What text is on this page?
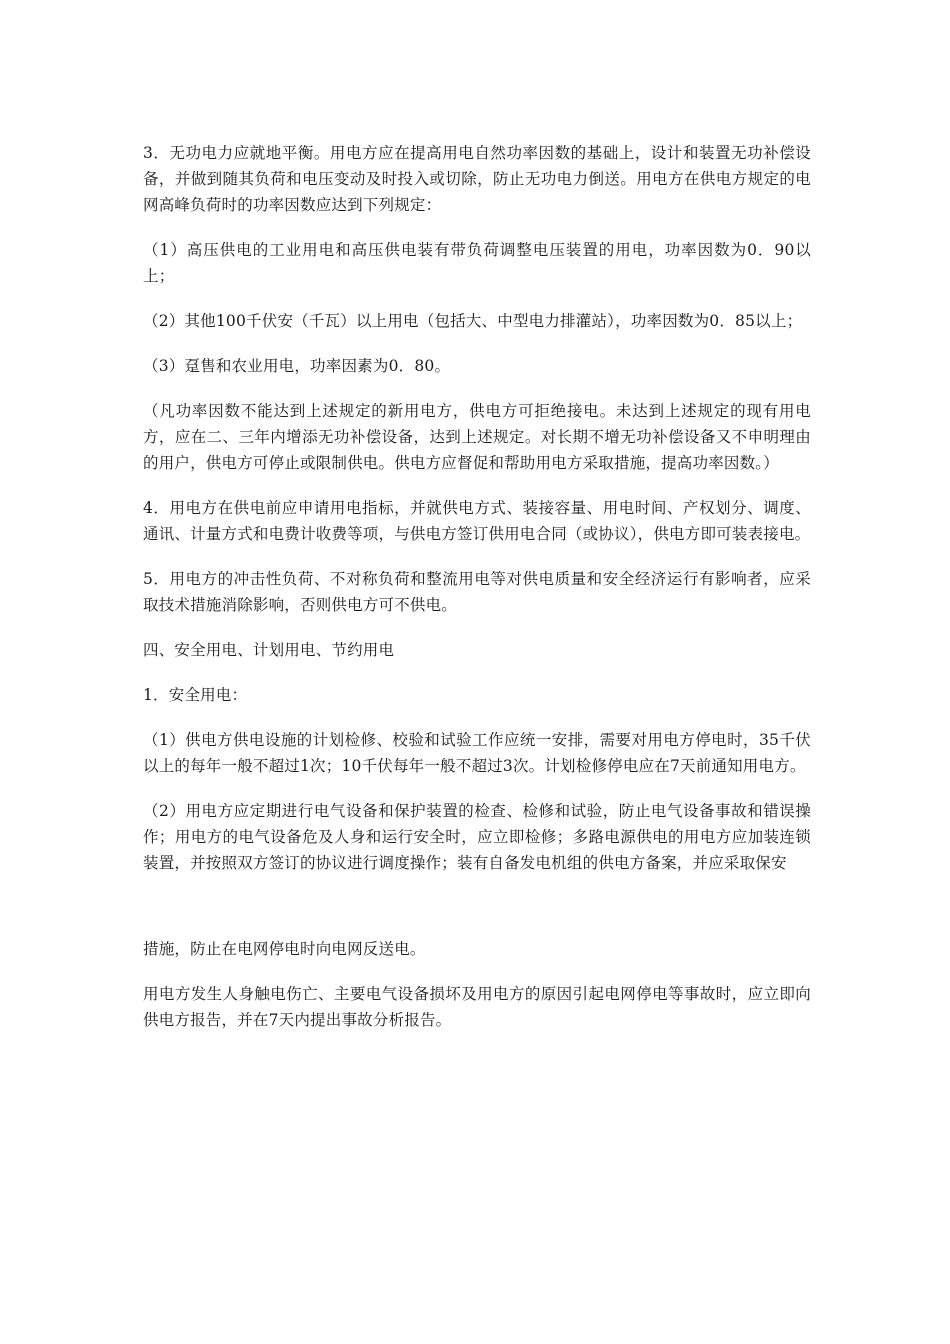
3．无功电力应就地平衡。用电方应在提高用电自然功率因数的基础上，设计和装置无功补偿设备，并做到随其负荷和电压变动及时投入或切除，防止无功电力倒送。用电方在供电方规定的电网高峰负荷时的功率因数应达到下列规定：

（1）高压供电的工业用电和高压供电装有带负荷调整电压装置的用电，功率因数为0．90以上；

（2）其他100千伏安（千瓦）以上用电（包括大、中型电力排灌站），功率因数为0．85以上；

（3）趸售和农业用电，功率因素为0．80。

（凡功率因数不能达到上述规定的新用电方，供电方可拒绝接电。未达到上述规定的现有用电方，应在二、三年内增添无功补偿设备，达到上述规定。对长期不增无功补偿设备又不申明理由的用户，供电方可停止或限制供电。供电方应督促和帮助用电方采取措施，提高功率因数。）

4．用电方在供电前应申请用电指标，并就供电方式、装接容量、用电时间、产权划分、调度、通讯、计量方式和电费计收费等项，与供电方签订供用电合同（或协议），供电方即可装表接电。

5．用电方的冲击性负荷、不对称负荷和整流用电等对供电质量和安全经济运行有影响者，应采取技术措施消除影响，否则供电方可不供电。

四、安全用电、计划用电、节约用电

1．安全用电：

（1）供电方供电设施的计划检修、校验和试验工作应统一安排，需要对用电方停电时，35千伏以上的每年一般不超过1次；10千伏每年一般不超过3次。计划检修停电应在7天前通知用电方。

（2）用电方应定期进行电气设备和保护装置的检查、检修和试验，防止电气设备事故和错误操作；用电方的电气设备危及人身和运行安全时，应立即检修；多路电源供电的用电方应加装连锁装置，并按照双方签订的协议进行调度操作；装有自备发电机组的供电方备案，并应采取保安

措施，防止在电网停电时向电网反送电。

用电方发生人身触电伤亡、主要电气设备损坏及用电方的原因引起电网停电等事故时，应立即向供电方报告，并在7天内提出事故分析报告。
